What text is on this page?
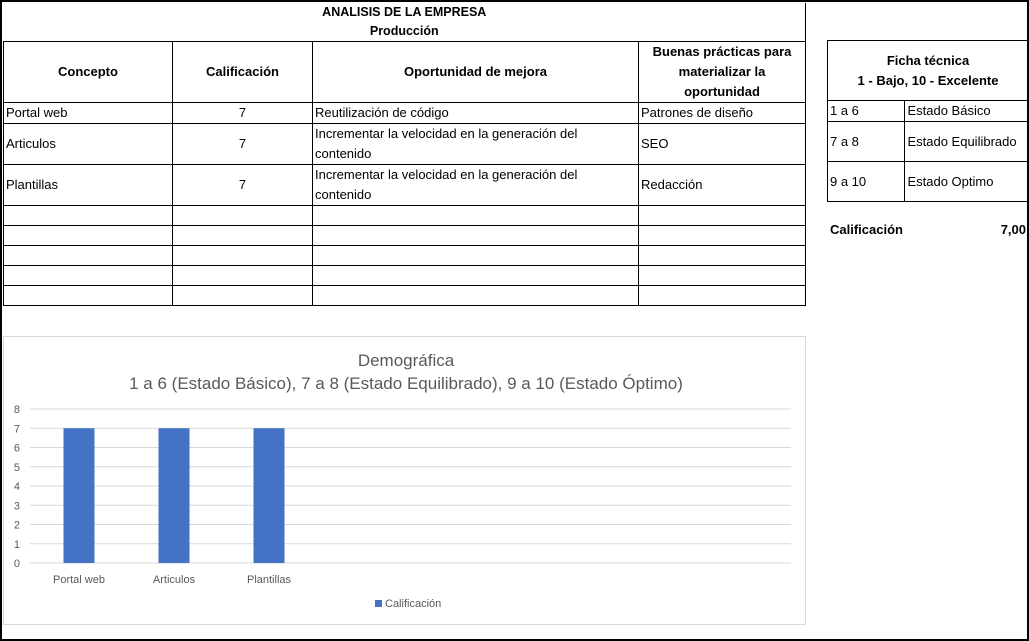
ANALISIS DE LA EMPRESA
Producción			

Concepto	Calificación	Oportunidad de mejora	Buenas prácticas para materializar la oportunidad
Portal web	7	Reutilización de código	Patrones de diseño
Articulos	7	Incrementar la velocidad en la generación del contenido	SEO
Plantillas	7	Incrementar la velocidad en la generación del contenido	Redacción

Ficha técnica
1 - Bajo, 10 - Excelente	

1 a 6	Estado Básico
7 a 8	Estado Equilibrado
9 a 10	Estado Optimo
Calificación	7,00
Demográfica
1 a 6 (Estado Básico), 7 a 8 (Estado Equilibrado), 9 a 10 (Estado Óptimo)
0
1
2
3
4
5
6
7
8
Portal web	Articulos	Plantillas
Calificación
